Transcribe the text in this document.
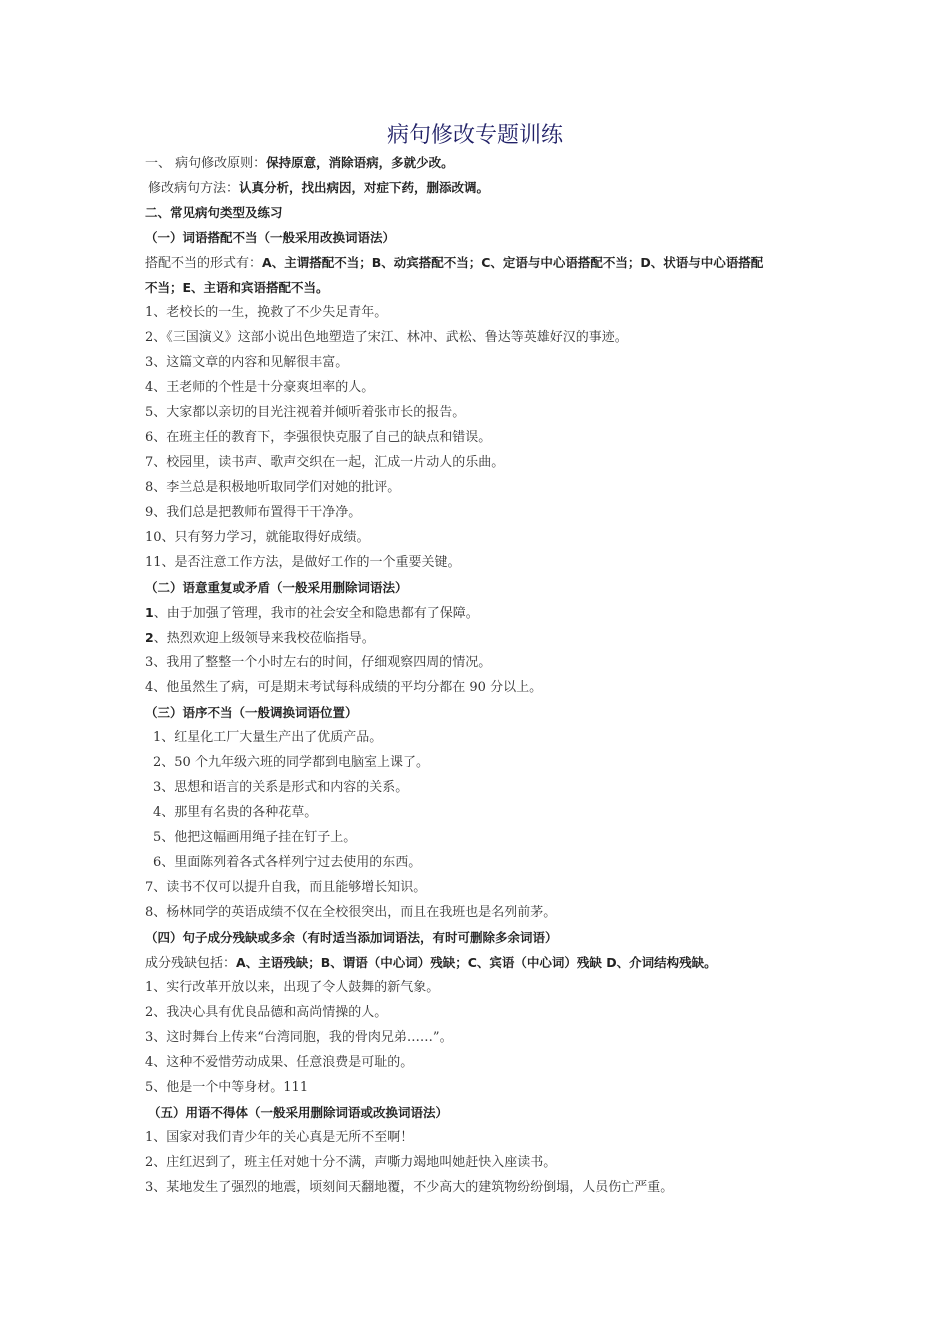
病句修改专题训练
一、 病句修改原则：保持原意，消除语病，多就少改。
修改病句方法：认真分析，找出病因，对症下药，删添改调。
二、常见病句类型及练习
（一）词语搭配不当（一般采用改换词语法）
搭配不当的形式有：A、主谓搭配不当；B、动宾搭配不当；C、定语与中心语搭配不当；D、状语与中心语搭配
不当；E、主语和宾语搭配不当。
1、老校长的一生，挽救了不少失足青年。
2、《三国演义》这部小说出色地塑造了宋江、林冲、武松、鲁达等英雄好汉的事迹。
3、这篇文章的内容和见解很丰富。
4、王老师的个性是十分豪爽坦率的人。
5、大家都以亲切的目光注视着并倾听着张市长的报告。
6、在班主任的教育下，李强很快克服了自己的缺点和错误。
7、校园里，读书声、歌声交织在一起，汇成一片动人的乐曲。
8、李兰总是积极地听取同学们对她的批评。
9、我们总是把教师布置得干干净净。
10、只有努力学习，就能取得好成绩。
11、是否注意工作方法，是做好工作的一个重要关键。
（二）语意重复或矛盾（一般采用删除词语法）
1、由于加强了管理，我市的社会安全和隐患都有了保障。
2、热烈欢迎上级领导来我校莅临指导。
3、我用了整整一个小时左右的时间，仔细观察四周的情况。
4、他虽然生了病，可是期末考试每科成绩的平均分都在 90 分以上。
（三）语序不当（一般调换词语位置）
1、红星化工厂大量生产出了优质产品。
2、50 个九年级六班的同学都到电脑室上课了。
3、思想和语言的关系是形式和内容的关系。
4、那里有名贵的各种花草。
5、他把这幅画用绳子挂在钉子上。
6、里面陈列着各式各样列宁过去使用的东西。
7、读书不仅可以提升自我，而且能够增长知识。
8、杨林同学的英语成绩不仅在全校很突出，而且在我班也是名列前茅。
（四）句子成分残缺或多余（有时适当添加词语法，有时可删除多余词语）
成分残缺包括：A、主语残缺；B、谓语（中心词）残缺；C、宾语（中心词）残缺 D、介词结构残缺。
1、实行改革开放以来，出现了令人鼓舞的新气象。
2、我决心具有优良品德和高尚情操的人。
3、这时舞台上传来“台湾同胞，我的骨肉兄弟……”。
4、这种不爱惜劳动成果、任意浪费是可耻的。
5、他是一个中等身材。111
（五）用语不得体（一般采用删除词语或改换词语法）
1、国家对我们青少年的关心真是无所不至啊！
2、庄红迟到了，班主任对她十分不满，声嘶力竭地叫她赶快入座读书。
3、某地发生了强烈的地震，顷刻间天翻地覆，不少高大的建筑物纷纷倒塌，人员伤亡严重。
